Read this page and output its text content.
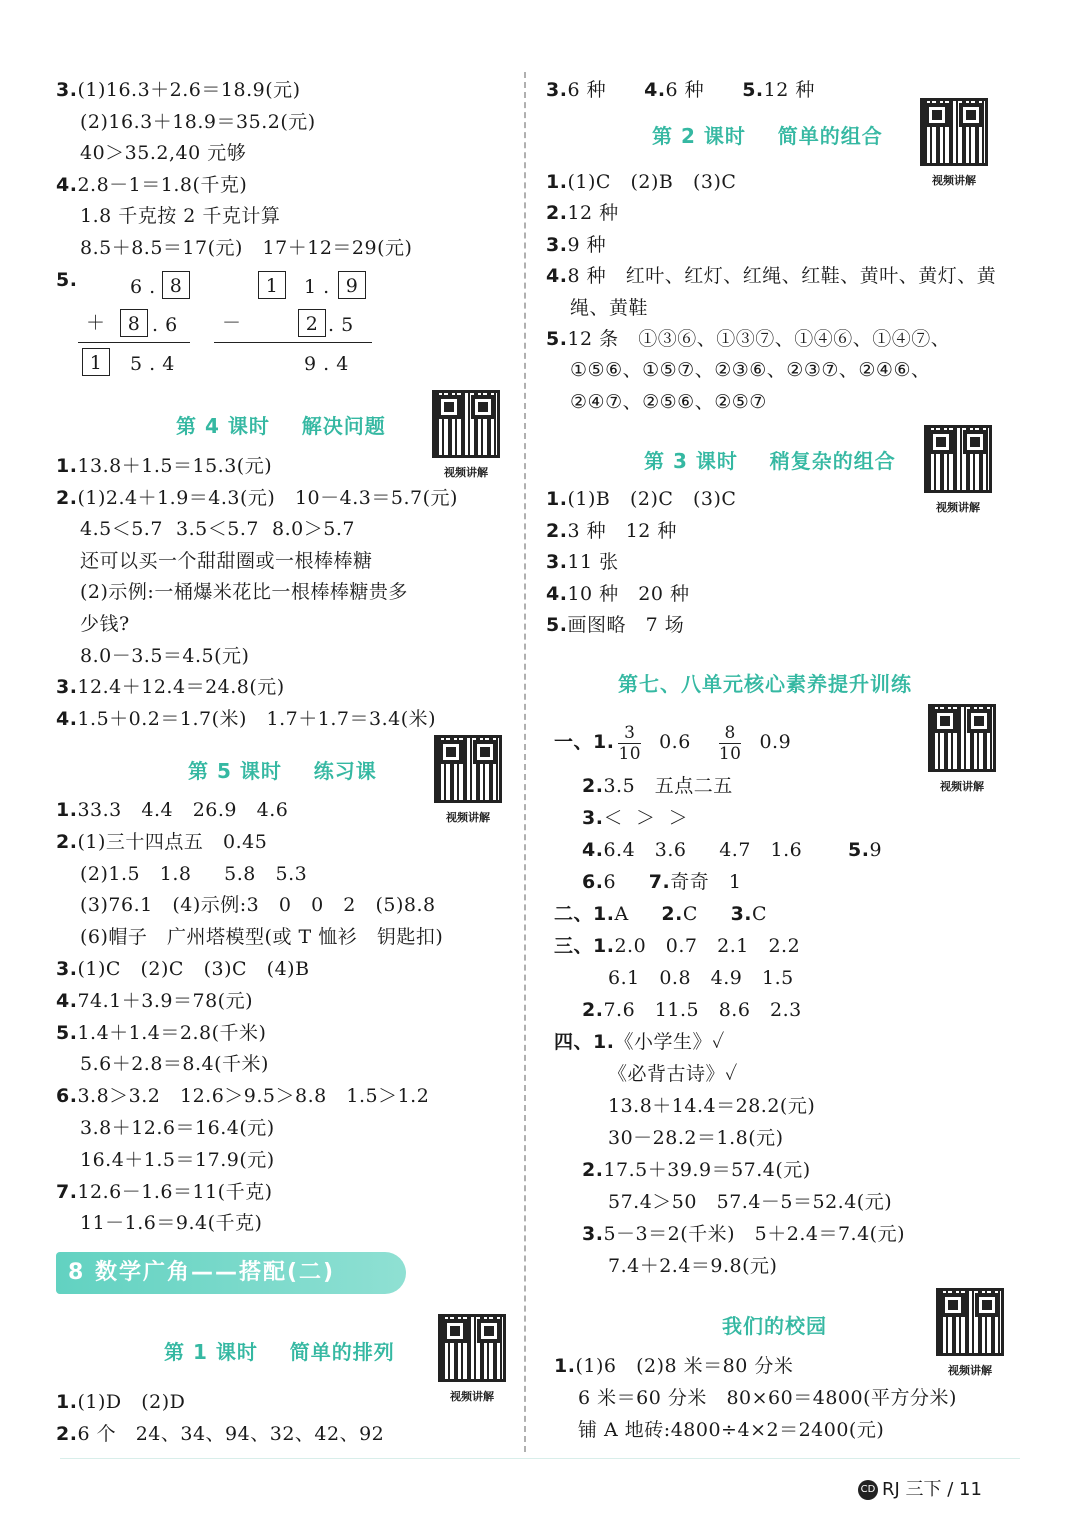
3.(1)16.3＋2.6＝18.9(元)
(2)16.3＋18.9＝35.2(元)
40＞35.2,40 元够
4.2.8－1＝1.8(千克)
1.8 千克按 2 千克计算
8.5＋8.5＝17(元)   17＋12＝29(元)
5.	6 . 8
＋	8 . 6
1	5 . 4
1	1 . 9
－	2 . 5
9 . 4
第 4 课时    解决问题
视频讲解
1.13.8＋1.5＝15.3(元)
2.(1)2.4＋1.9＝4.3(元)   10－4.3＝5.7(元)
4.5＜5.7  3.5＜5.7  8.0＞5.7
还可以买一个甜甜圈或一根棒棒糖
(2)示例:一桶爆米花比一根棒棒糖贵多
少钱?
8.0－3.5＝4.5(元)
3.12.4＋12.4＝24.8(元)
4.1.5＋0.2＝1.7(米)   1.7＋1.7＝3.4(米)
第 5 课时    练习课
视频讲解
1.33.3   4.4   26.9   4.6
2.(1)三十四点五   0.45
(2)1.5   1.8     5.8   5.3
(3)76.1   (4)示例:3   0   0   2   (5)8.8
(6)帽子   广州塔模型(或 T 恤衫   钥匙扣)
3.(1)C   (2)C   (3)C   (4)B
4.74.1＋3.9＝78(元)
5.1.4＋1.4＝2.8(千米)
5.6＋2.8＝8.4(千米)
6.3.8＞3.2   12.6＞9.5＞8.8   1.5＞1.2
3.8＋12.6＝16.4(元)
16.4＋1.5＝17.9(元)
7.12.6－1.6＝11(千克)
11－1.6＝9.4(千克)
第 1 课时    简单的排列
视频讲解
1.(1)D   (2)D
2.6 个   24、34、94、32、42、92
3.6 种 4.6 种 5.12 种
第 2 课时    简单的组合
视频讲解
1.(1)C   (2)B   (3)C
2.12 种
3.9 种
4.8 种   红叶、红灯、红绳、红鞋、黄叶、黄灯、黄
绳、黄鞋
5.12 条   ①③⑥、①③⑦、①④⑥、①④⑦、
①⑤⑥、①⑤⑦、②③⑥、②③⑦、②④⑥、
②④⑦、②⑤⑥、②⑤⑦
第 3 课时    稍复杂的组合
视频讲解
1.(1)B   (2)C   (3)C
2.3 种   12 种
3.11 张
4.10 种   20 种
5.画图略   7 场
第七、八单元核心素养提升训练
视频讲解
一、1. $\frac{3}{10} 0.6 \frac{8}{10} 0.9$
2.3.5   五点二五
3.＜  ＞  ＞
4.6.4   3.6     4.7   1.6       5.9
6.6     7.奇奇   1
二、1.A     2.C     3.C
三、1.2.0   0.7   2.1   2.2
6.1   0.8   4.9   1.5
2.7.6   11.5   8.6   2.3
四、1.《小学生》✓
《必背古诗》✓
13.8＋14.4＝28.2(元)
30－28.2＝1.8(元)
2.17.5＋39.9＝57.4(元)
57.4＞50   57.4－5＝52.4(元)
3.5－3＝2(千米)   5＋2.4＝7.4(元)
7.4＋2.4＝9.8(元)
我们的校园
视频讲解
1.(1)6   (2)8 米＝80 分米
6 米＝60 分米   80×60＝4800(平方分米)
铺 A 地砖:4800÷4×2＝2400(元)
8 数学广角——搭配(二)
CD RJ 三下 / 11
